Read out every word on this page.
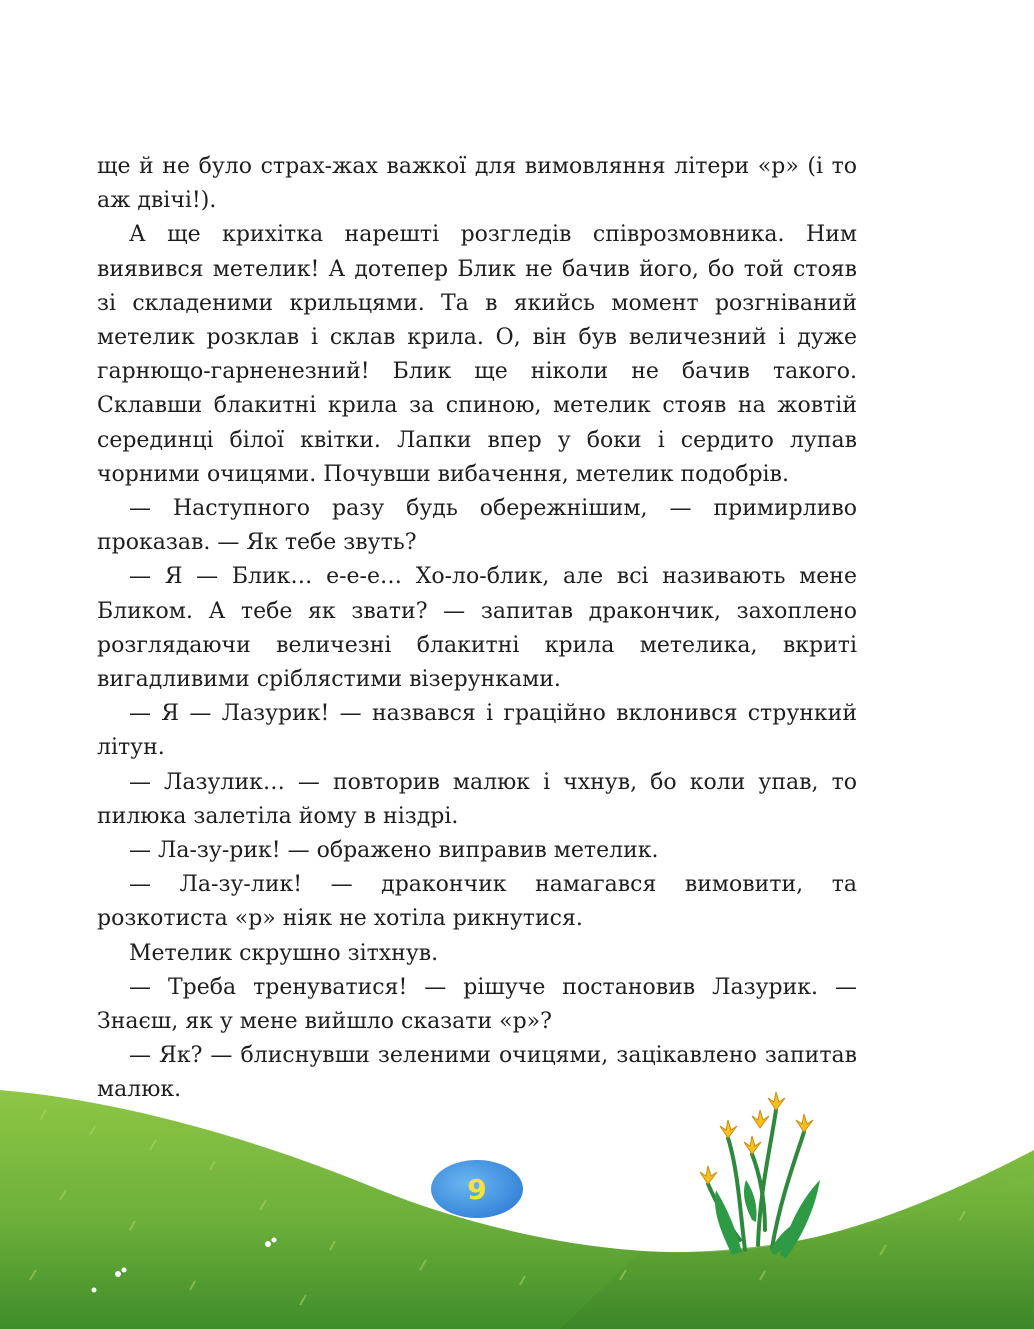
ще й не було страх-жах важкої для вимовляння літери «р» (і то аж двічі!).

А ще крихітка нарешті розгледів співрозмовника. Ним виявився метелик! А дотепер Блик не бачив його, бо той стояв зі складеними крильцями. Та в якийсь момент розгніваний метелик розклав і склав крила. О, він був величезний і дуже гарнющо-гарненезний! Блик ще ніколи не бачив такого. Склавши блакитні крила за спиною, метелик стояв на жовтій серединці білої квітки. Лапки впер у боки і сердито лупав чорними очицями. Почувши вибачення, метелик подобрів.

— Наступного разу будь обережнішим, — примирливо проказав. — Як тебе звуть?

— Я — Блик… е-е-е… Хо-ло-блик, але всі називають мене Бликом. А тебе як звати? — запитав дракончик, захоплено розглядаючи величезні блакитні крила метелика, вкриті вигадливими сріблястими візерунками.

— Я — Лазурик! — назвався і граційно вклонився стрункий літун.

— Лазулик… — повторив малюк і чхнув, бо коли упав, то пилюка залетіла йому в ніздрі.

— Ла-зу-рик! — ображено виправив метелик.

— Ла-зу-лик! — дракончик намагався вимовити, та розкотиста «р» ніяк не хотіла рикнутися.

Метелик скрушно зітхнув.

— Треба тренуватися! — рішуче постановив Лазурик. — Знаєш, як у мене вийшло сказати «р»?

— Як? — блиснувши зеленими очицями, зацікавлено запитав малюк.

9
